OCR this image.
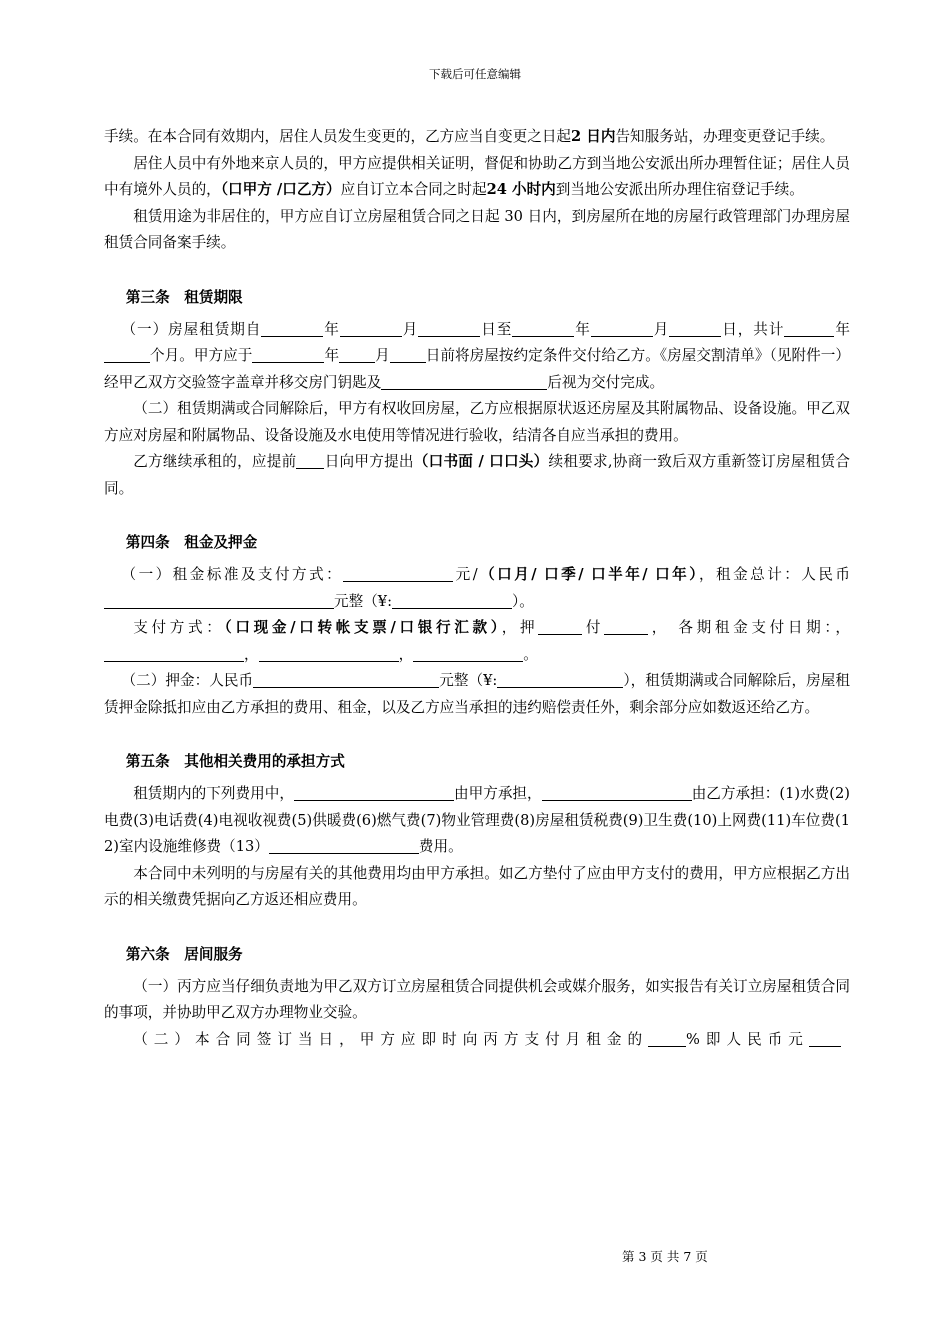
下载后可任意编辑

手续。在本合同有效期内，居住人员发生变更的，乙方应当自变更之日起2 日内告知服务站，办理变更登记手续。

居住人员中有外地来京人员的，甲方应提供相关证明，督促和协助乙方到当地公安派出所办理暂住证；居住人员中有境外人员的，（口甲方 /口乙方）应自订立本合同之时起24 小时内到当地公安派出所办理住宿登记手续。

租赁用途为非居住的，甲方应自订立房屋租赁合同之日起 30 日内，到房屋所在地的房屋行政管理部门办理房屋租赁合同备案手续。

第三条　租赁期限

（一）房屋租赁期自	年	月	日至	年	月	日，共计	年个月。甲方应于	年 月 日前将房屋按约定条件交付给乙方。《房屋交割清单》（见附件一）经甲乙双方交验签字盖章并移交房门钥匙及	后视为交付完成。

（二）租赁期满或合同解除后，甲方有权收回房屋，乙方应根据原状返还房屋及其附属物品、设备设施。甲乙双方应对房屋和附属物品、设备设施及水电使用等情况进行验收，结清各自应当承担的费用。

乙方继续承租的，应提前 日向甲方提出（口书面 / 口口头）续租要求,协商一致后双方重新签订房屋租赁合同。

第四条　租金及押金

（一）租金标准及支付方式：	元/（口月/ 口季/ 口半年/ 口年），租金总计：人民币元整（¥:	）。

支付方式：（口现金/口转帐支票/口银行汇款），押	付	， 各期租金支付日期：，，	，	。

（二）押金：人民币	元整（¥:	），租赁期满或合同解除后，房屋租赁押金除抵扣应由乙方承担的费用、租金，以及乙方应当承担的违约赔偿责任外，剩余部分应如数返还给乙方。

第五条　其他相关费用的承担方式

租赁期内的下列费用中，	由甲方承担，	由乙方承担：(1)水费(2)电费(3)电话费(4)电视收视费(5)供暖费(6)燃气费(7)物业管理费(8)房屋租赁税费(9)卫生费(10)上网费(11)车位费(12)室内设施维修费（13）	费用。

本合同中未列明的与房屋有关的其他费用均由甲方承担。如乙方垫付了应由甲方支付的费用，甲方应根据乙方出示的相关缴费凭据向乙方返还相应费用。

第六条　居间服务

（一）丙方应当仔细负责地为甲乙双方订立房屋租赁合同提供机会或媒介服务，如实报告有关订立房屋租赁合同的事项，并协助甲乙双方办理物业交验。

（二）本合同签订当日，甲方应即时向丙方支付月租金的	%即人民币元

第 3 页 共 7 页
